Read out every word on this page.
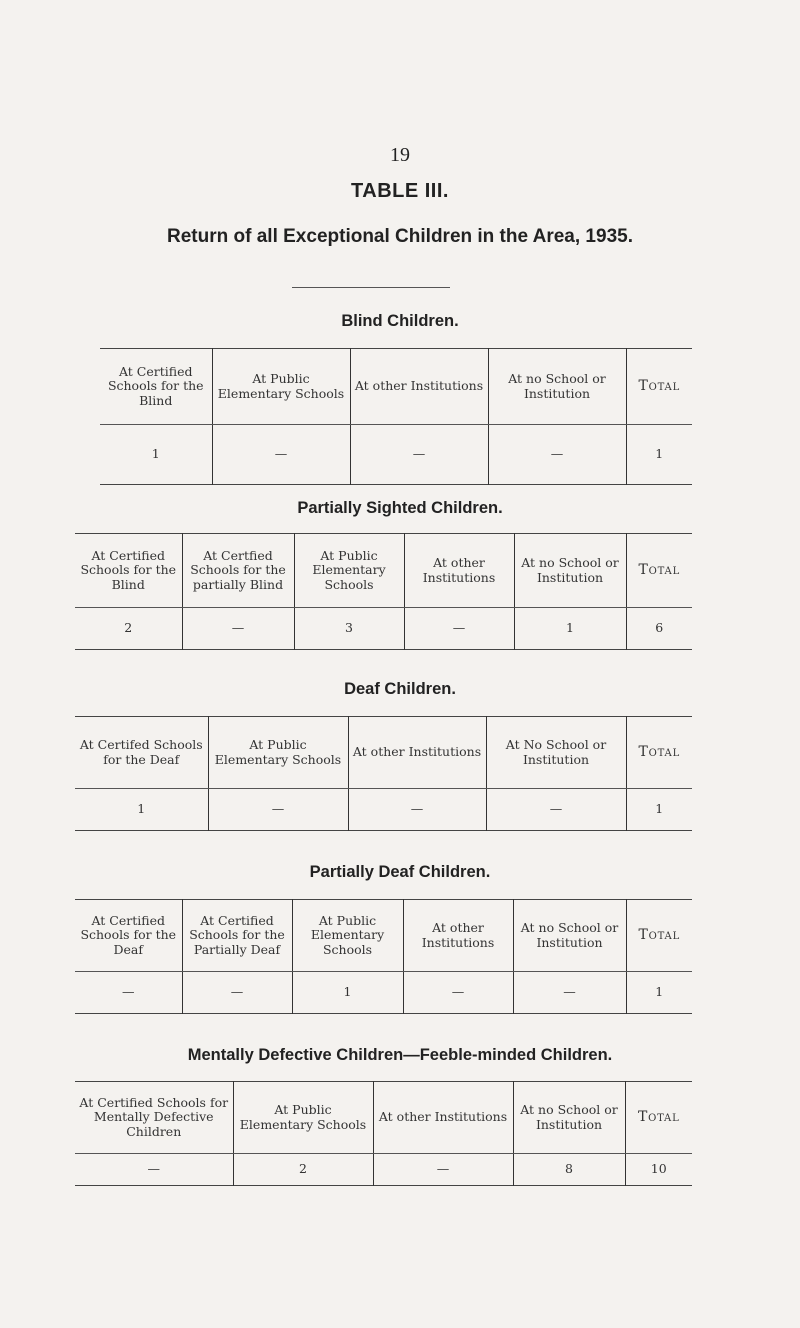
19
TABLE III.
Return of all Exceptional Children in the Area, 1935.
Blind Children.
At Certified Schools for the Blind	At Public Elementary Schools	At other Institutions	At no School or Institution	Total
1	—	—	—	1
Partially Sighted Children.
At Certified Schools for the Blind	At Certfied Schools for the partially Blind	At Public Elementary Schools	At other Institutions	At no School or Institution	Total
2	—	3	—	1	6
Deaf Children.
At Certifed Schools for the Deaf	At Public Elementary Schools	At other Institutions	At No School or Institution	Total
1	—	—	—	1
Partially Deaf Children.
At Certified Schools for the Deaf	At Certified Schools for the Partially Deaf	At Public Elementary Schools	At other Institutions	At no School or Institution	Total
—	—	1	—	—	1
Mentally Defective Children—Feeble-minded Children.
At Certified Schools for Mentally Defective Children	At Public Elementary Schools	At other Institutions	At no School or Institution	Total
—	2	—	8	10
